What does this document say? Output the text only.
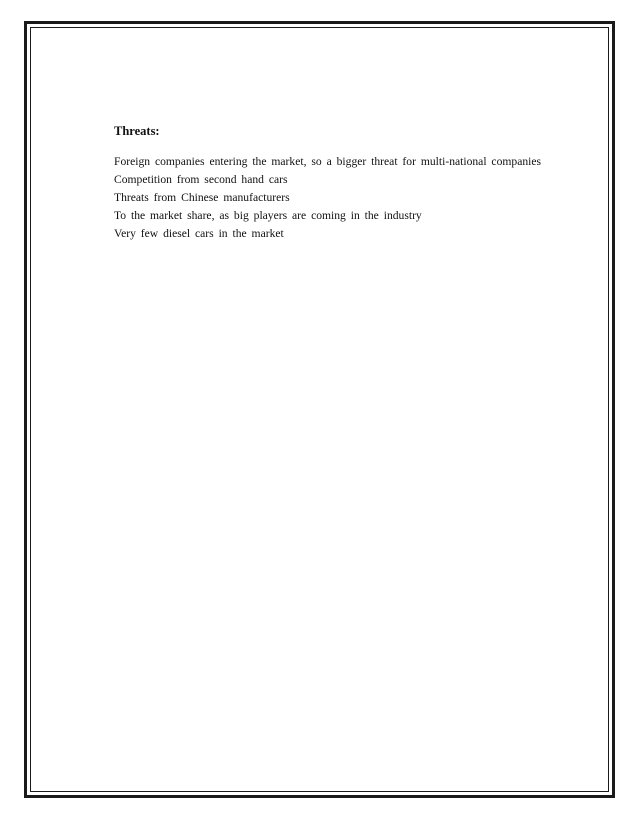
Threats:
Foreign companies entering the market, so a bigger threat for multi-national companies
Competition from second hand cars
Threats from Chinese manufacturers
To the market share, as big players are coming in the industry
Very few diesel cars in the market
